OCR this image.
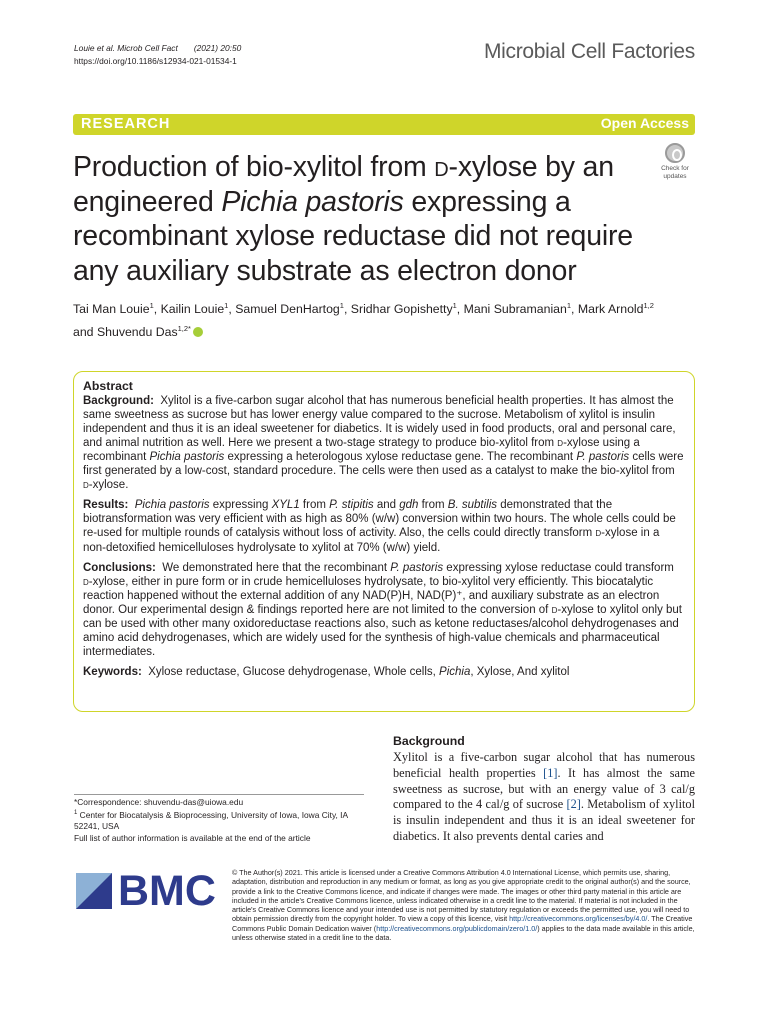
Louie et al. Microb Cell Fact (2021) 20:50
https://doi.org/10.1186/s12934-021-01534-1	Microbial Cell Factories
RESEARCH	Open Access
Production of bio-xylitol from d-xylose by an engineered Pichia pastoris expressing a recombinant xylose reductase did not require any auxiliary substrate as electron donor
Check for updates
Tai Man Louie$^1$, Kailin Louie$^1$, Samuel DenHartog$^1$, Sridhar Gopishetty$^1$, Mani Subramanian$^1$, Mark Arnold$^{1,2}$
and Shuvendu Das$^{1,2*}$
Abstract

Background: Xylitol is a five-carbon sugar alcohol that has numerous beneficial health properties. It has almost the same sweetness as sucrose but has lower energy value compared to the sucrose. Metabolism of xylitol is insulin independent and thus it is an ideal sweetener for diabetics. It is widely used in food products, oral and personal care, and animal nutrition as well. Here we present a two-stage strategy to produce bio-xylitol from d-xylose using a recombinant Pichia pastoris expressing a heterologous xylose reductase gene. The recombinant P. pastoris cells were first generated by a low-cost, standard procedure. The cells were then used as a catalyst to make the bio-xylitol from d-xylose.

Results: Pichia pastoris expressing XYL1 from P. stipitis and gdh from B. subtilis demonstrated that the biotransformation was very efficient with as high as 80% (w/w) conversion within two hours. The whole cells could be re-used for multiple rounds of catalysis without loss of activity. Also, the cells could directly transform d-xylose in a non-detoxified hemicelluloses hydrolysate to xylitol at 70% (w/w) yield.

Conclusions: We demonstrated here that the recombinant P. pastoris expressing xylose reductase could transform d-xylose, either in pure form or in crude hemicelluloses hydrolysate, to bio-xylitol very efficiently. This biocatalytic reaction happened without the external addition of any NAD(P)H, NAD(P)⁺, and auxiliary substrate as an electron donor. Our experimental design & findings reported here are not limited to the conversion of d-xylose to xylitol only but can be used with other many oxidoreductase reactions also, such as ketone reductases/alcohol dehydrogenases and amino acid dehydrogenases, which are widely used for the synthesis of high-value chemicals and pharmaceutical intermediates.

Keywords: Xylose reductase, Glucose dehydrogenase, Whole cells, Pichia, Xylose, And xylitol

*Correspondence: shuvendu-das@uiowa.edu
$^1$ Center for Biocatalysis & Bioprocessing, University of Iowa, Iowa City, IA 52241, USA
Full list of author information is available at the end of the article
Background

Xylitol is a five-carbon sugar alcohol that has numerous beneficial health properties [1]. It has almost the same sweetness as sucrose, but with an energy value of 3 cal/g compared to the 4 cal/g of sucrose [2]. Metabolism of xylitol is insulin independent and thus it is an ideal sweetener for diabetics. It also prevents dental caries and

BMC © The Author(s) 2021. This article is licensed under a Creative Commons Attribution 4.0 International License, which permits use, sharing, adaptation, distribution and reproduction in any medium or format, as long as you give appropriate credit to the original author(s) and the source, provide a link to the Creative Commons licence, and indicate if changes were made. The images or other third party material in this article are included in the article's Creative Commons licence, unless indicated otherwise in a credit line to the material. If material is not included in the article's Creative Commons licence and your intended use is not permitted by statutory regulation or exceeds the permitted use, you will need to obtain permission directly from the copyright holder. To view a copy of this licence, visit http://creativecommons.org/licenses/by/4.0/. The Creative Commons Public Domain Dedication waiver (http://creativecommons.org/publicdomain/zero/1.0/) applies to the data made available in this article, unless otherwise stated in a credit line to the data.
